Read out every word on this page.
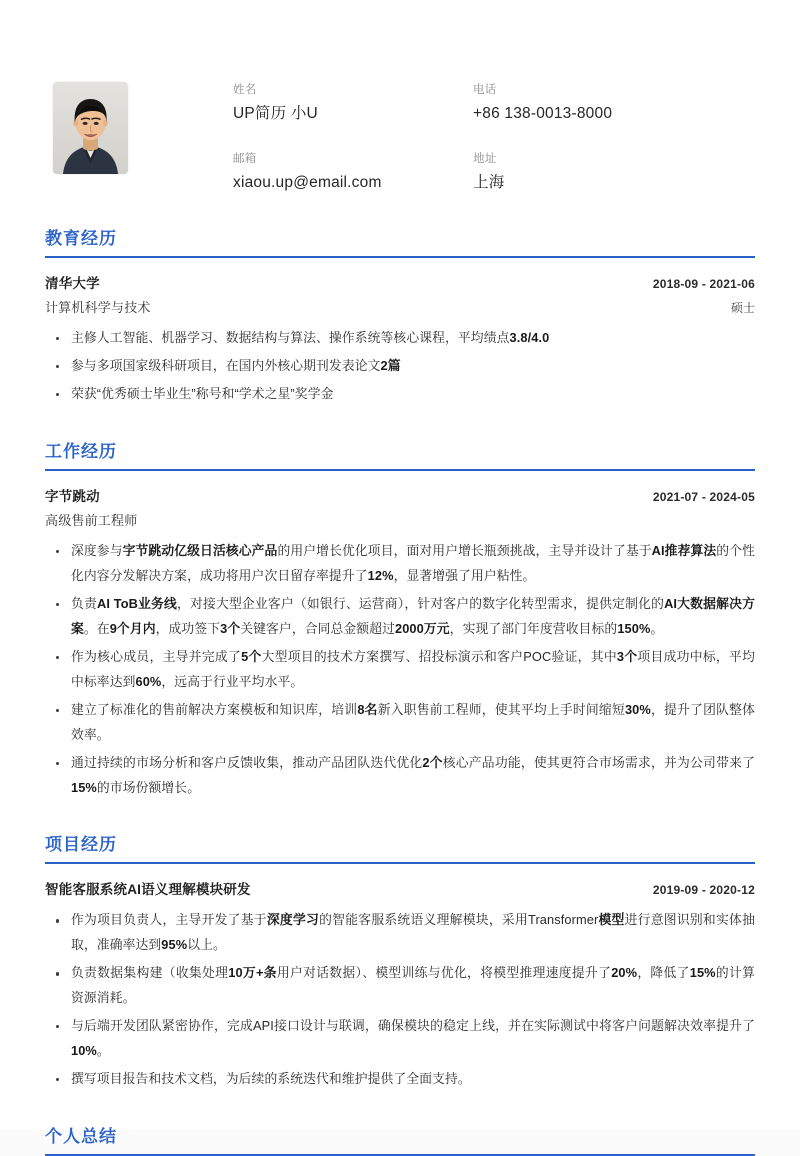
姓名
UP简历 小U
电话
+86 138-0013-8000
邮箱
xiaou.up@email.com
地址
上海
教育经历
清华大学	2018-09 - 2021-06
计算机科学与技术	硕士
主修人工智能、机器学习、数据结构与算法、操作系统等核心课程，平均绩点3.8/4.0
参与多项国家级科研项目，在国内外核心期刊发表论文2篇
荣获“优秀硕士毕业生”称号和“学术之星”奖学金
工作经历
字节跳动	2021-07 - 2024-05
高级售前工程师
深度参与字节跳动亿级日活核心产品的用户增长优化项目，面对用户增长瓶颈挑战，主导并设计了基于AI推荐算法的个性化内容分发解决方案，成功将用户次日留存率提升了12%，显著增强了用户粘性。
负责AI ToB业务线，对接大型企业客户（如银行、运营商），针对客户的数字化转型需求，提供定制化的AI大数据解决方案。在9个月内，成功签下3个关键客户，合同总金额超过2000万元，实现了部门年度营收目标的150%。
作为核心成员，主导并完成了5个大型项目的技术方案撰写、招投标演示和客户POC验证，其中3个项目成功中标，平均中标率达到60%，远高于行业平均水平。
建立了标准化的售前解决方案模板和知识库，培训8名新入职售前工程师，使其平均上手时间缩短30%，提升了团队整体效率。
通过持续的市场分析和客户反馈收集，推动产品团队迭代优化2个核心产品功能，使其更符合市场需求，并为公司带来了15%的市场份额增长。
项目经历
智能客服系统AI语义理解模块研发	2019-09 - 2020-12
作为项目负责人，主导开发了基于深度学习的智能客服系统语义理解模块，采用Transformer模型进行意图识别和实体抽取，准确率达到95%以上。
负责数据集构建（收集处理10万+条用户对话数据）、模型训练与优化，将模型推理速度提升了20%，降低了15%的计算资源消耗。
与后端开发团队紧密协作，完成API接口设计与联调，确保模块的稳定上线，并在实际测试中将客户问题解决效率提升了10%。
撰写项目报告和技术文档，为后续的系统迭代和维护提供了全面支持。
个人总结
